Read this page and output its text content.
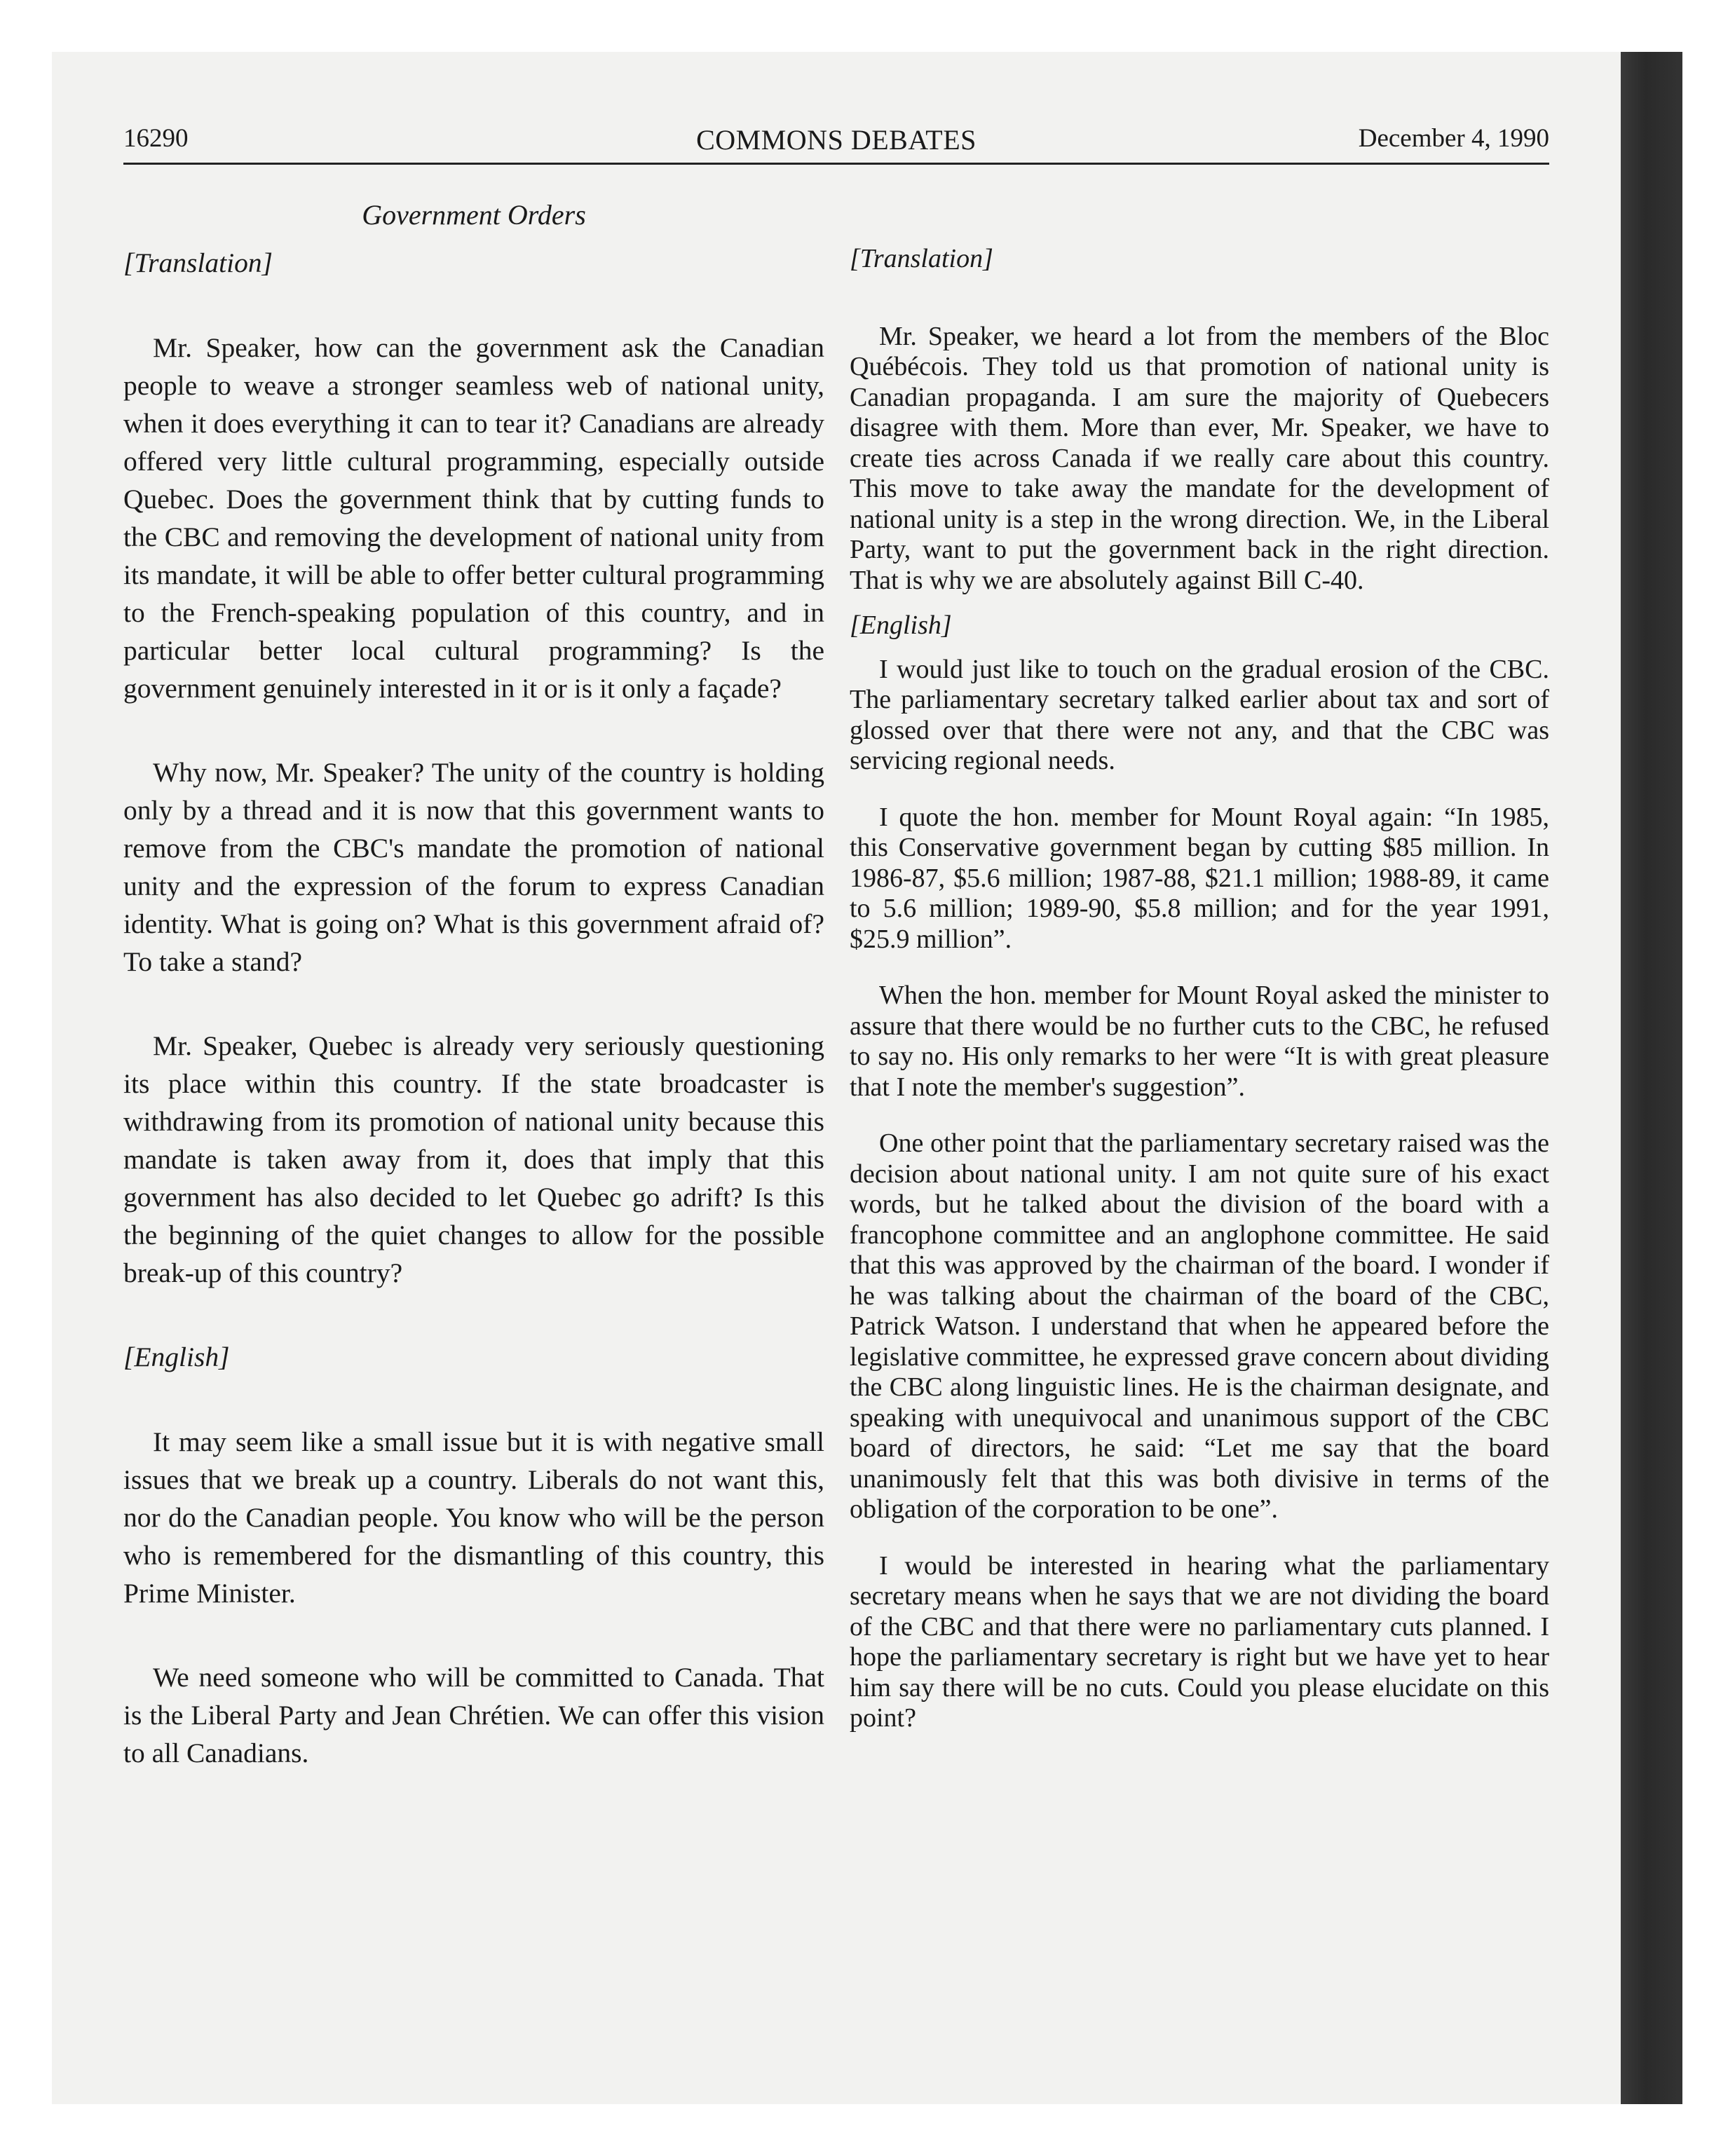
16290	COMMONS DEBATES	December 4, 1990
Government Orders

[Translation]

Mr. Speaker, how can the government ask the Canadian people to weave a stronger seamless web of national unity, when it does everything it can to tear it? Canadians are already offered very little cultural programming, especially outside Quebec. Does the government think that by cutting funds to the CBC and removing the development of national unity from its mandate, it will be able to offer better cultural programming to the French-speaking population of this country, and in particular better local cultural programming? Is the government genuinely interested in it or is it only a façade?

Why now, Mr. Speaker? The unity of the country is holding only by a thread and it is now that this government wants to remove from the CBC's mandate the promotion of national unity and the expression of the forum to express Canadian identity. What is going on? What is this government afraid of? To take a stand?

Mr. Speaker, Quebec is already very seriously questioning its place within this country. If the state broadcaster is withdrawing from its promotion of national unity because this mandate is taken away from it, does that imply that this government has also decided to let Quebec go adrift? Is this the beginning of the quiet changes to allow for the possible break-up of this country?

[English]

It may seem like a small issue but it is with negative small issues that we break up a country. Liberals do not want this, nor do the Canadian people. You know who will be the person who is remembered for the dismantling of this country, this Prime Minister.

We need someone who will be committed to Canada. That is the Liberal Party and Jean Chrétien. We can offer this vision to all Canadians.

[Translation]

Mr. Speaker, we heard a lot from the members of the Bloc Québécois. They told us that promotion of national unity is Canadian propaganda. I am sure the majority of Quebecers disagree with them. More than ever, Mr. Speaker, we have to create ties across Canada if we really care about this country. This move to take away the mandate for the development of national unity is a step in the wrong direction. We, in the Liberal Party, want to put the government back in the right direction. That is why we are absolutely against Bill C-40.

[English]

I would just like to touch on the gradual erosion of the CBC. The parliamentary secretary talked earlier about tax and sort of glossed over that there were not any, and that the CBC was servicing regional needs.

I quote the hon. member for Mount Royal again: “In 1985, this Conservative government began by cutting $85 million. In 1986-87, $5.6 million; 1987-88, $21.1 million; 1988-89, it came to 5.6 million; 1989-90, $5.8 million; and for the year 1991, $25.9 million”.

When the hon. member for Mount Royal asked the minister to assure that there would be no further cuts to the CBC, he refused to say no. His only remarks to her were “It is with great pleasure that I note the member's suggestion”.

One other point that the parliamentary secretary raised was the decision about national unity. I am not quite sure of his exact words, but he talked about the division of the board with a francophone committee and an anglophone committee. He said that this was approved by the chairman of the board. I wonder if he was talking about the chairman of the board of the CBC, Patrick Watson. I understand that when he appeared before the legislative committee, he expressed grave concern about dividing the CBC along linguistic lines. He is the chairman designate, and speaking with unequivocal and unanimous support of the CBC board of directors, he said: “Let me say that the board unanimously felt that this was both divisive in terms of the obligation of the corporation to be one”.

I would be interested in hearing what the parliamentary secretary means when he says that we are not dividing the board of the CBC and that there were no parliamentary cuts planned. I hope the parliamentary secretary is right but we have yet to hear him say there will be no cuts. Could you please elucidate on this point?
